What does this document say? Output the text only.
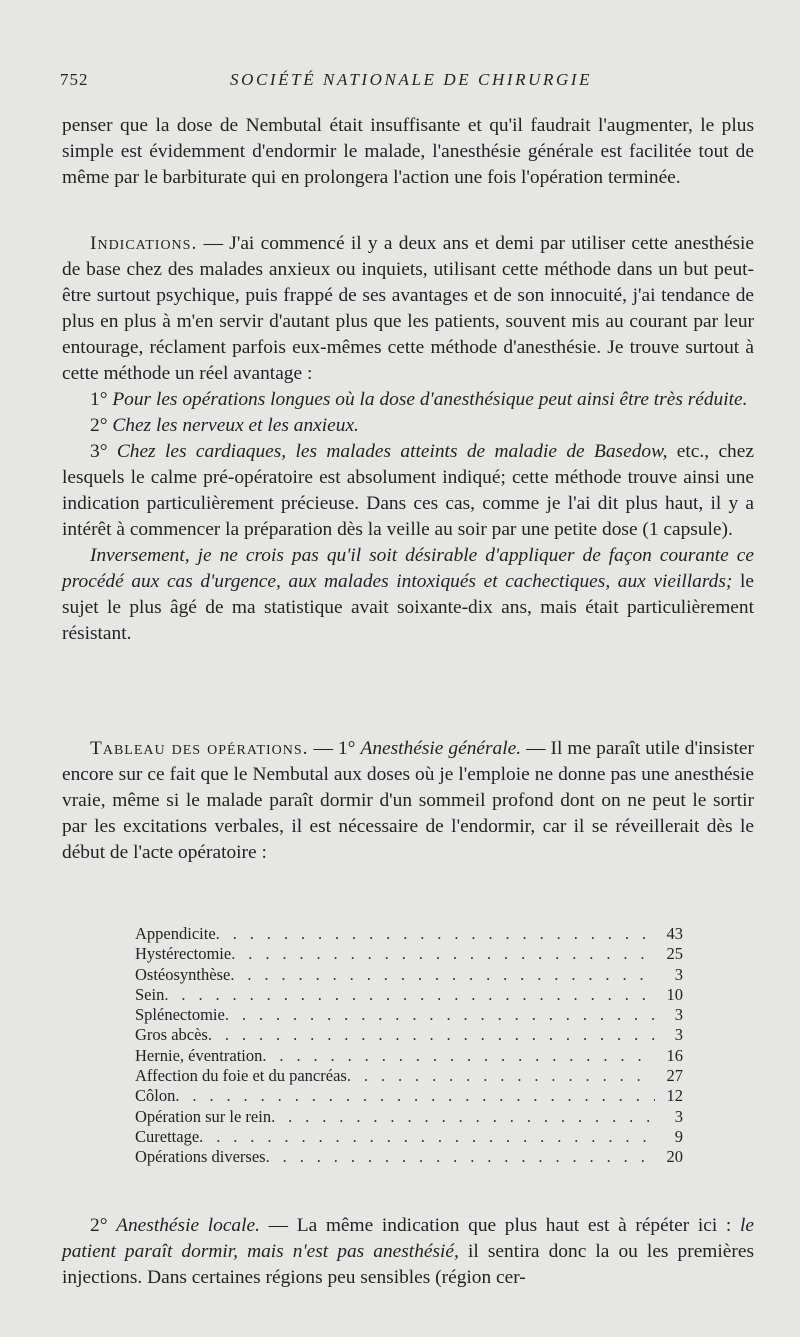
752	SOCIÉTÉ NATIONALE DE CHIRURGIE

penser que la dose de Nembutal était insuffisante et qu'il faudrait l'augmenter, le plus simple est évidemment d'endormir le malade, l'anesthésie générale est facilitée tout de même par le barbiturate qui en prolongera l'action une fois l'opération terminée.

Indications. — J'ai commencé il y a deux ans et demi par utiliser cette anesthésie de base chez des malades anxieux ou inquiets, utilisant cette méthode dans un but peut-être surtout psychique, puis frappé de ses avantages et de son innocuité, j'ai tendance de plus en plus à m'en servir d'autant plus que les patients, souvent mis au courant par leur entourage, réclament parfois eux-mêmes cette méthode d'anesthésie. Je trouve surtout à cette méthode un réel avantage :

1° Pour les opérations longues où la dose d'anesthésique peut ainsi être très réduite.

2° Chez les nerveux et les anxieux.

3° Chez les cardiaques, les malades atteints de maladie de Basedow, etc., chez lesquels le calme pré-opératoire est absolument indiqué; cette méthode trouve ainsi une indication particulièrement précieuse. Dans ces cas, comme je l'ai dit plus haut, il y a intérêt à commencer la préparation dès la veille au soir par une petite dose (1 capsule).

Inversement, je ne crois pas qu'il soit désirable d'appliquer de façon courante ce procédé aux cas d'urgence, aux malades intoxiqués et cachectiques, aux vieillards; le sujet le plus âgé de ma statistique avait soixante-dix ans, mais était particulièrement résistant.

Tableau des opérations. — 1° Anesthésie générale. — Il me paraît utile d'insister encore sur ce fait que le Nembutal aux doses où je l'emploie ne donne pas une anesthésie vraie, même si le malade paraît dormir d'un sommeil profond dont on ne peut le sortir par les excitations verbales, il est nécessaire de l'endormir, car il se réveillerait dès le début de l'acte opératoire :

Appendicite . . .	43
Hystérectomie . . .	25
Ostéosynthèse . . .	3
Sein . . .	10
Splénectomie . . .	3
Gros abcès . . .	3
Hernie, éventration . . .	16
Affection du foie et du pancréas . . .	27
Côlon . . .	12
Opération sur le rein . . .	3
Curettage . . .	9
Opérations diverses . . .	20

2° Anesthésie locale. — La même indication que plus haut est à répéter ici : le patient paraît dormir, mais n'est pas anesthésié, il sentira donc la ou les premières injections. Dans certaines régions peu sensibles (région cer-
